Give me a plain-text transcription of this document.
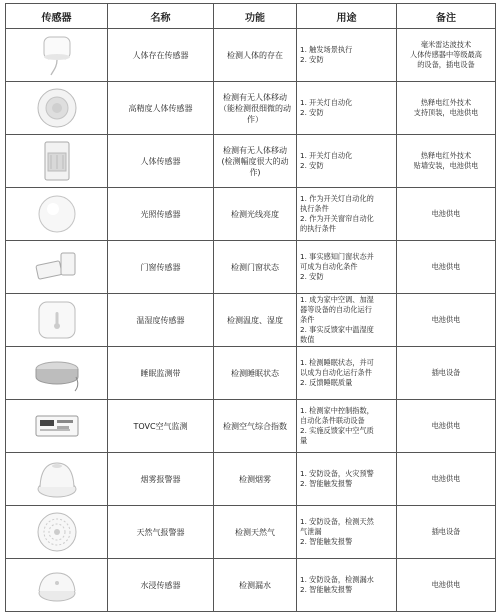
传感器	名称	功能	用途	备注
	人体存在传感器	检测人体的存在	1. 触发场景执行
2. 安防	毫米雷达波技术
人体传感器中等级最高
的设备，插电设备

	高精度人体传感器	检测有无人体移动
（能检测很细微的动
作）	1. 开关灯自动化
2. 安防	热释电红外技术
支持顶装，电池供电

	人体传感器	检测有无人体移动
(检测幅度很大的动作)	1. 开关灯自动化
2. 安防	热释电红外技术
贴墙安装，电池供电

	光照传感器	检测光线亮度	1. 作为开关灯自动化的
执行条件
2. 作为开关窗帘自动化
的执行条件	电池供电

	门窗传感器	检测门窗状态	1. 事实感知门窗状态并
可成为自动化条件
2. 安防	电池供电

	温湿度传感器	检测温度、湿度	1. 成为家中空调、加湿
器等设备的自动化运行
条件
2. 事实反馈家中温湿度
数值	电池供电

	睡眠监测带	检测睡眠状态	1. 检测睡眠状态，并可
以成为自动化运行条件
2. 反馈睡眠质量	插电设备

	TOVC空气监测	检测空气综合指数	1. 检测家中控制指数，
自动化条件联动设备
2. 实施反馈家中空气质
量	电池供电

	烟雾报警器	检测烟雾	1. 安防设备，火灾预警
2. 智能触发报警	电池供电

	天然气报警器	检测天然气	1. 安防设备，检测天然
气泄漏
2. 智能触发报警	插电设备

	水浸传感器	检测漏水	1. 安防设备，检测漏水
2. 智能触发报警	电池供电
